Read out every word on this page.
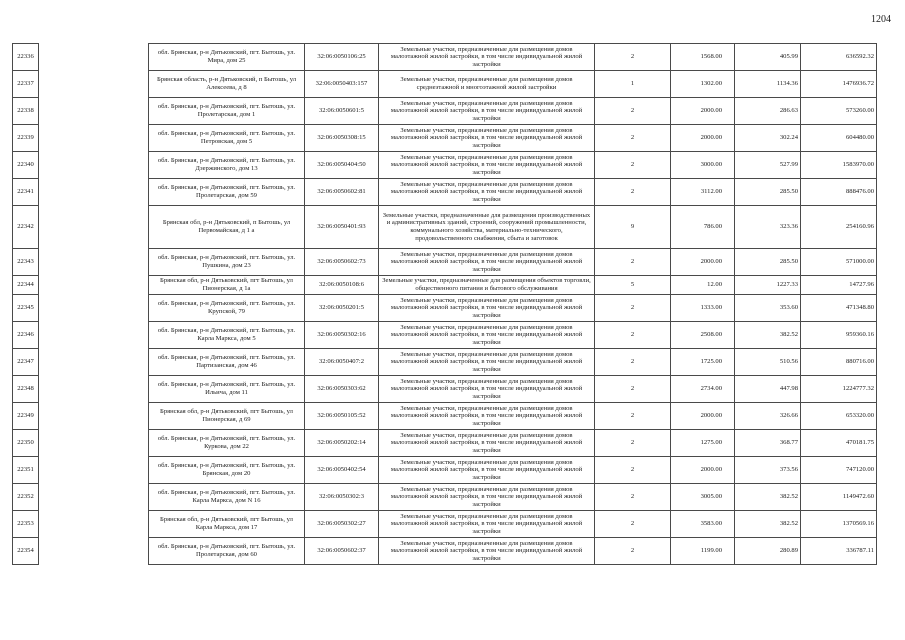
1204
22336		обл. Брянская, р-н Дятьковский, пгт. Бытошь, ул. Мира, дом 25	32:06:0050106:25	Земельные участки, предназначенные для размещения домов малоэтажной жилой застройки, в том числе индивидуальной жилой застройки	2	1568.00	405.99	636592.32
22337		Брянская область, р-н Дятьковский, п Бытошь, ул Алексеева, д 8	32:06:0050403:157	Земельные участки, предназначенные для размещения домов среднеэтажной и многоэтажной жилой застройки	1	1302.00	1134.36	1476936.72
22338		обл. Брянская, р-н Дятьковский, пгт. Бытошь, ул. Пролетарская, дом 1	32:06:0050601:5	Земельные участки, предназначенные для размещения домов малоэтажной жилой застройки, в том числе индивидуальной жилой застройки	2	2000.00	286.63	573260.00
22339		обл. Брянская, р-н Дятьковский, пгт. Бытошь, ул. Петровская, дом 5	32:06:0050308:15	Земельные участки, предназначенные для размещения домов малоэтажной жилой застройки, в том числе индивидуальной жилой застройки	2	2000.00	302.24	604480.00
22340		обл. Брянская, р-н Дятьковский, пгт. Бытошь, ул. Дзержинского, дом 13	32:06:0050404:50	Земельные участки, предназначенные для размещения домов малоэтажной жилой застройки, в том числе индивидуальной жилой застройки	2	3000.00	527.99	1583970.00
22341		обл. Брянская, р-н Дятьковский, пгт. Бытошь, ул. Пролетарская, дом 59	32:06:0050602:81	Земельные участки, предназначенные для размещения домов малоэтажной жилой застройки, в том числе индивидуальной жилой застройки	2	3112.00	285.50	888476.00
22342		Брянская обл, р-н Дятьковский, п Бытошь, ул Первомайская, д 1 а	32:06:0050401:93	Земельные участки, предназначенные для размещения производственных и административных зданий, строений, сооружений промышленности, коммунального хозяйства, материально-технического, продовольственного снабжения, сбыта и заготовок	9	786.00	323.36	254160.96
22343		обл. Брянская, р-н Дятьковский, пгт. Бытошь, ул. Пушкина, дом 23	32:06:0050602:73	Земельные участки, предназначенные для размещения домов малоэтажной жилой застройки, в том числе индивидуальной жилой застройки	2	2000.00	285.50	571000.00
22344		Брянская обл, р-н Дятьковский, пгт Бытошь, ул Пионерская, д 1а	32:06:0050108:6	Земельные участки, предназначенные для размещения объектов торговли, общественного питания и бытового обслуживания	5	12.00	1227.33	14727.96
22345		обл. Брянская, р-н Дятьковский, пгт. Бытошь, ул. Крупской, 79	32:06:0050201:5	Земельные участки, предназначенные для размещения домов малоэтажной жилой застройки, в том числе индивидуальной жилой застройки	2	1333.00	353.60	471348.80
22346		обл. Брянская, р-н Дятьковский, пгт. Бытошь, ул. Карла Маркса, дом 5	32:06:0050302:16	Земельные участки, предназначенные для размещения домов малоэтажной жилой застройки, в том числе индивидуальной жилой застройки	2	2508.00	382.52	959360.16
22347		обл. Брянская, р-н Дятьковский, пгт. Бытошь, ул. Партизанская, дом 46	32:06:0050407:2	Земельные участки, предназначенные для размещения домов малоэтажной жилой застройки, в том числе индивидуальной жилой застройки	2	1725.00	510.56	880716.00
22348		обл. Брянская, р-н Дятьковский, пгт. Бытошь, ул. Ильича, дом 11	32:06:0050303:62	Земельные участки, предназначенные для размещения домов малоэтажной жилой застройки, в том числе индивидуальной жилой застройки	2	2734.00	447.98	1224777.32
22349		Брянская обл, р-н Дятьковский, пгт Бытошь, ул Пионерская, д 69	32:06:0050105:52	Земельные участки, предназначенные для размещения домов малоэтажной жилой застройки, в том числе индивидуальной жилой застройки	2	2000.00	326.66	653320.00
22350		обл. Брянская, р-н Дятьковский, пгт. Бытошь, ул. Куркова, дом 22	32:06:0050202:14	Земельные участки, предназначенные для размещения домов малоэтажной жилой застройки, в том числе индивидуальной жилой застройки	2	1275.00	368.77	470181.75
22351		обл. Брянская, р-н Дятьковский, пгт. Бытошь, ул. Брянская, дом 20	32:06:0050402:54	Земельные участки, предназначенные для размещения домов малоэтажной жилой застройки, в том числе индивидуальной жилой застройки	2	2000.00	373.56	747120.00
22352		обл. Брянская, р-н Дятьковский, пгт. Бытошь, ул. Карла Маркса, дом N 16	32:06:0050302:3	Земельные участки, предназначенные для размещения домов малоэтажной жилой застройки, в том числе индивидуальной жилой застройки	2	3005.00	382.52	1149472.60
22353		Брянская обл, р-н Дятьковский, пгт Бытошь, ул Карла Маркса, дом 17	32:06:0050302:27	Земельные участки, предназначенные для размещения домов малоэтажной жилой застройки, в том числе индивидуальной жилой застройки	2	3583.00	382.52	1370569.16
22354		обл. Брянская, р-н Дятьковский, пгт. Бытошь, ул. Пролетарская, дом 60	32:06:0050602:37	Земельные участки, предназначенные для размещения домов малоэтажной жилой застройки, в том числе индивидуальной жилой застройки	2	1199.00	280.89	336787.11
